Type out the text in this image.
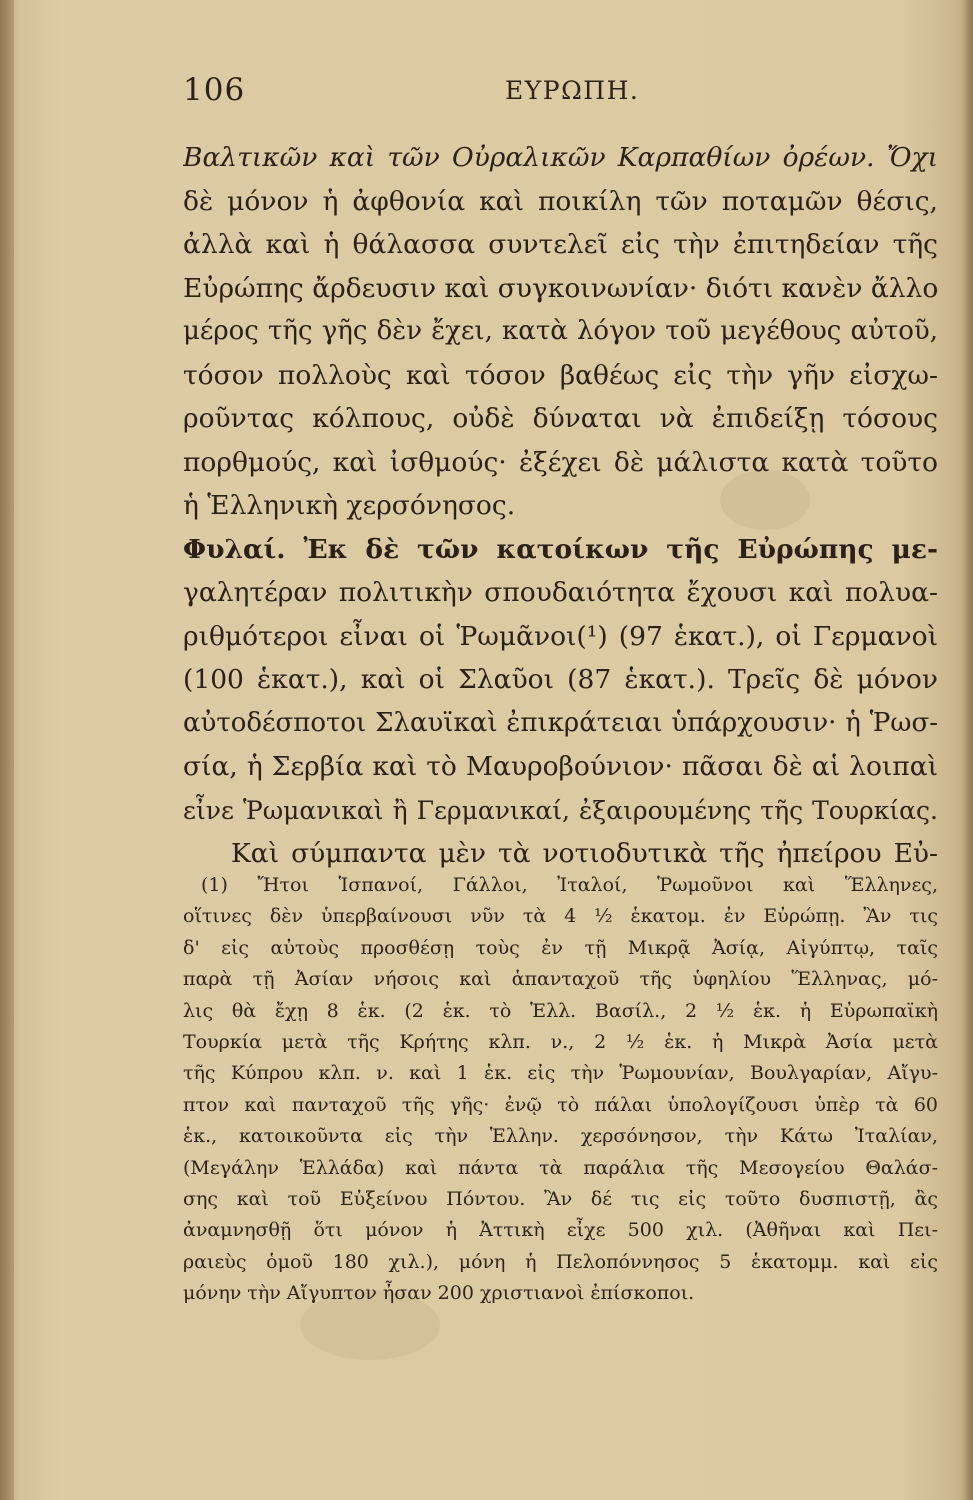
106	ΕΥΡΩΠΗ.
Βαλτικῶν καὶ τῶν Οὐραλικῶν Καρπαθίων ὀρέων. Ὄχι
δὲ μόνον ἡ ἀφθονία καὶ ποικίλη τῶν ποταμῶν θέσις,
ἀλλὰ καὶ ἡ θάλασσα συντελεῖ εἰς τὴν ἐπιτηδείαν τῆς
Εὐρώπης ἄρδευσιν καὶ συγκοινωνίαν· διότι κανὲν ἄλλο
μέρος τῆς γῆς δὲν ἔχει, κατὰ λόγον τοῦ μεγέθους αὐτοῦ,
τόσον πολλοὺς καὶ τόσον βαθέως εἰς τὴν γῆν εἰσχω-
ροῦντας κόλπους, οὐδὲ δύναται νὰ ἐπιδείξῃ τόσους
πορθμούς, καὶ ἰσθμούς· ἐξέχει δὲ μάλιστα κατὰ τοῦτο
ἡ Ἑλληνικὴ χερσόνησος.
Φυλαί. Ἐκ δὲ τῶν κατοίκων τῆς Εὐρώπης με-
γαλητέραν πολιτικὴν σπουδαιότητα ἔχουσι καὶ πολυα-
ριθμότεροι εἶναι οἱ Ῥωμᾶνοι(¹) (97 ἑκατ.), οἱ Γερμανοὶ
(100 ἑκατ.), καὶ οἱ Σλαῦοι (87 ἑκατ.). Τρεῖς δὲ μόνον
αὐτοδέσποτοι Σλαυϊκαὶ ἐπικράτειαι ὑπάρχουσιν· ἡ Ῥωσ-
σία, ἡ Σερβία καὶ τὸ Μαυροβούνιον· πᾶσαι δὲ αἱ λοιπαὶ
εἶνε Ῥωμανικαὶ ἢ Γερμανικαί, ἐξαιρουμένης τῆς Τουρκίας.
Καὶ σύμπαντα μὲν τὰ νοτιοδυτικὰ τῆς ἠπείρου Εὐ-
(1) Ἤτοι Ἱσπανοί, Γάλλοι, Ἰταλοί, Ῥωμοῦνοι καὶ Ἕλληνες,
οἵτινες δὲν ὑπερβαίνουσι νῦν τὰ 4 ½ ἑκατομ. ἐν Εὐρώπῃ. Ἂν τις
δ' εἰς αὐτοὺς προσθέσῃ τοὺς ἐν τῇ Μικρᾷ Ἀσίᾳ, Αἰγύπτῳ, ταῖς
παρὰ τῇ Ἀσίαν νήσοις καὶ ἁπανταχοῦ τῆς ὑφηλίου Ἕλληνας, μό-
λις θὰ ἔχῃ 8 ἑκ. (2 ἑκ. τὸ Ἑλλ. Βασίλ., 2 ½ ἑκ. ἡ Εὐρωπαϊκὴ
Τουρκία μετὰ τῆς Κρήτης κλπ. ν., 2 ½ ἑκ. ἡ Μικρὰ Ἀσία μετὰ
τῆς Κύπρου κλπ. ν. καὶ 1 ἑκ. εἰς τὴν Ῥωμουνίαν, Βουλγαρίαν, Αἴγυ-
πτον καὶ πανταχοῦ τῆς γῆς· ἐνῷ τὸ πάλαι ὑπολογίζουσι ὑπὲρ τὰ 60
ἑκ., κατοικοῦντα εἰς τὴν Ἑλλην. χερσόνησον, τὴν Κάτω Ἰταλίαν,
(Μεγάλην Ἑλλάδα) καὶ πάντα τὰ παράλια τῆς Μεσογείου Θαλάσ-
σης καὶ τοῦ Εὐξείνου Πόντου. Ἂν δέ τις εἰς τοῦτο δυσπιστῇ, ἂς
ἀναμνησθῇ ὅτι μόνον ἡ Ἀττικὴ εἶχε 500 χιλ. (Ἀθῆναι καὶ Πει-
ραιεὺς ὁμοῦ 180 χιλ.), μόνη ἡ Πελοπόννησος 5 ἑκατομμ. καὶ εἰς
μόνην τὴν Αἴγυπτον ἦσαν 200 χριστιανοὶ ἐπίσκοποι.
